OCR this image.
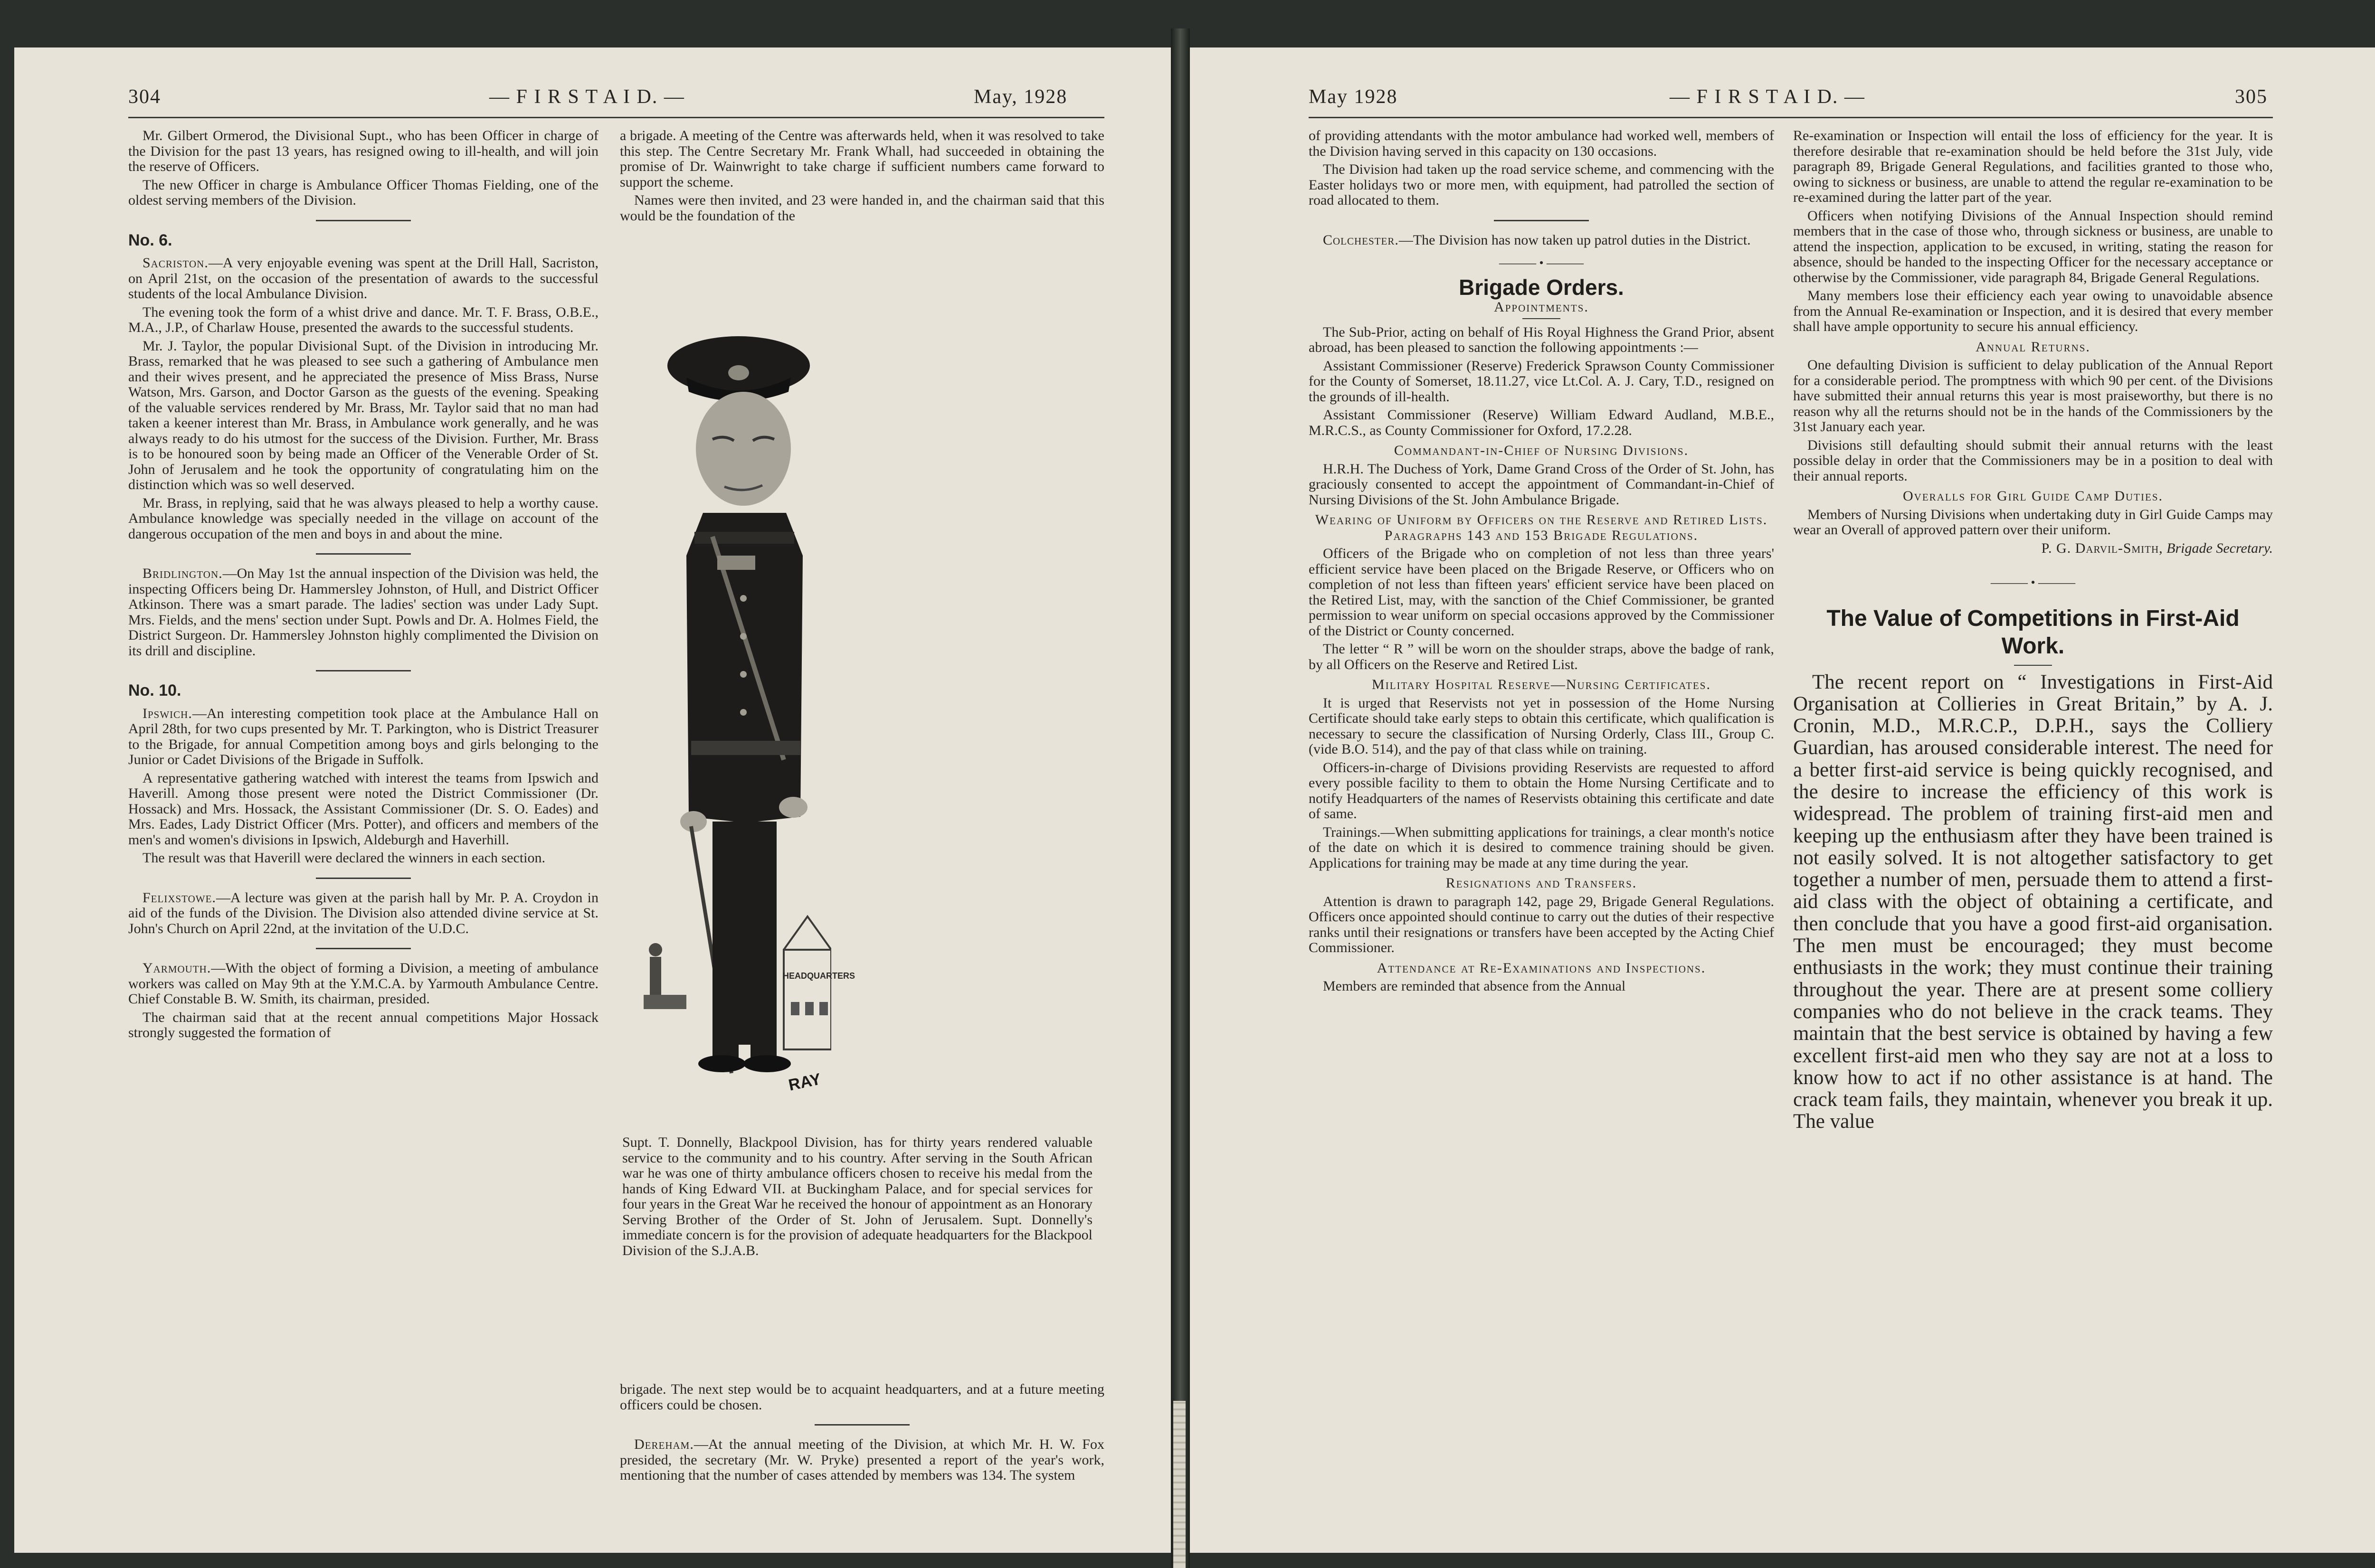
304	— F I R S T A I D. —	May, 1928

Mr. Gilbert Ormerod, the Divisional Supt., who has been Officer in charge of the Division for the past 13 years, has resigned owing to ill-health, and will join the reserve of Officers.

The new Officer in charge is Ambulance Officer Thomas Fielding, one of the oldest serving members of the Division.

No. 6.

Sacriston.—A very enjoyable evening was spent at the Drill Hall, Sacriston, on April 21st, on the occasion of the presentation of awards to the successful students of the local Ambulance Division.

The evening took the form of a whist drive and dance. Mr. T. F. Brass, O.B.E., M.A., J.P., of Charlaw House, presented the awards to the successful students.

Mr. J. Taylor, the popular Divisional Supt. of the Division in introducing Mr. Brass, remarked that he was pleased to see such a gathering of Ambulance men and their wives present, and he appreciated the presence of Miss Brass, Nurse Watson, Mrs. Garson, and Doctor Garson as the guests of the evening. Speaking of the valuable services rendered by Mr. Brass, Mr. Taylor said that no man had taken a keener interest than Mr. Brass, in Ambulance work generally, and he was always ready to do his utmost for the success of the Division. Further, Mr. Brass is to be honoured soon by being made an Officer of the Venerable Order of St. John of Jerusalem and he took the opportunity of congratulating him on the distinction which was so well deserved.

Mr. Brass, in replying, said that he was always pleased to help a worthy cause. Ambulance knowledge was specially needed in the village on account of the dangerous occupation of the men and boys in and about the mine.

Bridlington.—On May 1st the annual inspection of the Division was held, the inspecting Officers being Dr. Hammersley Johnston, of Hull, and District Officer Atkinson. There was a smart parade. The ladies' section was under Lady Supt. Mrs. Fields, and the mens' section under Supt. Powls and Dr. A. Holmes Field, the District Surgeon. Dr. Hammersley Johnston highly complimented the Division on its drill and discipline.

No. 10.

Ipswich.—An interesting competition took place at the Ambulance Hall on April 28th, for two cups presented by Mr. T. Parkington, who is District Treasurer to the Brigade, for annual Competition among boys and girls belonging to the Junior or Cadet Divisions of the Brigade in Suffolk.

A representative gathering watched with interest the teams from Ipswich and Haverill. Among those present were noted the District Commissioner (Dr. Hossack) and Mrs. Hossack, the Assistant Commissioner (Dr. S. O. Eades) and Mrs. Eades, Lady District Officer (Mrs. Potter), and officers and members of the men's and women's divisions in Ipswich, Aldeburgh and Haverhill.

The result was that Haverill were declared the winners in each section.

Felixstowe.—A lecture was given at the parish hall by Mr. P. A. Croydon in aid of the funds of the Division. The Division also attended divine service at St. John's Church on April 22nd, at the invitation of the U.D.C.

Yarmouth.—With the object of forming a Division, a meeting of ambulance workers was called on May 9th at the Y.M.C.A. by Yarmouth Ambulance Centre. Chief Constable B. W. Smith, its chairman, presided.

The chairman said that at the recent annual competitions Major Hossack strongly suggested the formation of

a brigade. A meeting of the Centre was afterwards held, when it was resolved to take this step. The Centre Secretary Mr. Frank Whall, had succeeded in obtaining the promise of Dr. Wainwright to take charge if sufficient numbers came forward to support the scheme.

Names were then invited, and 23 were handed in, and the chairman said that this would be the foundation of the

HEADQUARTERS
RAY
Supt. T. Donnelly, Blackpool Division, has for thirty years rendered valuable service to the community and to his country. After serving in the South African war he was one of thirty ambulance officers chosen to receive his medal from the hands of King Edward VII. at Buckingham Palace, and for special services for four years in the Great War he received the honour of appointment as an Honorary Serving Brother of the Order of St. John of Jerusalem. Supt. Donnelly's immediate concern is for the provision of adequate headquarters for the Blackpool Division of the S.J.A.B.

brigade. The next step would be to acquaint headquarters, and at a future meeting officers could be chosen.

Dereham.—At the annual meeting of the Division, at which Mr. H. W. Fox presided, the secretary (Mr. W. Pryke) presented a report of the year's work, mentioning that the number of cases attended by members was 134. The system

May 1928	— F I R S T A I D. —	305

of providing attendants with the motor ambulance had worked well, members of the Division having served in this capacity on 130 occasions.

The Division had taken up the road service scheme, and commencing with the Easter holidays two or more men, with equipment, had patrolled the section of road allocated to them.

Colchester.—The Division has now taken up patrol duties in the District.

——— • ———
Brigade Orders.
Appointments.

The Sub-Prior, acting on behalf of His Royal Highness the Grand Prior, absent abroad, has been pleased to sanction the following appointments :—

Assistant Commissioner (Reserve) Frederick Sprawson County Commissioner for the County of Somerset, 18.11.27, vice Lt.Col. A. J. Cary, T.D., resigned on the grounds of ill-health.

Assistant Commissioner (Reserve) William Edward Audland, M.B.E., M.R.C.S., as County Commissioner for Oxford, 17.2.28.

Commandant-in-Chief of Nursing Divisions.

H.R.H. The Duchess of York, Dame Grand Cross of the Order of St. John, has graciously consented to accept the appointment of Commandant-in-Chief of Nursing Divisions of the St. John Ambulance Brigade.

Wearing of Uniform by Officers on the Reserve and Retired Lists. Paragraphs 143 and 153 Brigade Regulations.

Officers of the Brigade who on completion of not less than three years' efficient service have been placed on the Brigade Reserve, or Officers who on completion of not less than fifteen years' efficient service have been placed on the Retired List, may, with the sanction of the Chief Commissioner, be granted permission to wear uniform on special occasions approved by the Commissioner of the District or County concerned.

The letter “ R ” will be worn on the shoulder straps, above the badge of rank, by all Officers on the Reserve and Retired List.

Military Hospital Reserve—Nursing Certificates.

It is urged that Reservists not yet in possession of the Home Nursing Certificate should take early steps to obtain this certificate, which qualification is necessary to secure the classification of Nursing Orderly, Class III., Group C. (vide B.O. 514), and the pay of that class while on training.

Officers-in-charge of Divisions providing Reservists are requested to afford every possible facility to them to obtain the Home Nursing Certificate and to notify Headquarters of the names of Reservists obtaining this certificate and date of same.

Trainings.—When submitting applications for trainings, a clear month's notice of the date on which it is desired to commence training should be given. Applications for training may be made at any time during the year.

Resignations and Transfers.

Attention is drawn to paragraph 142, page 29, Brigade General Regulations. Officers once appointed should continue to carry out the duties of their respective ranks until their resignations or transfers have been accepted by the Acting Chief Commissioner.

Attendance at Re-Examinations and Inspections.

Members are reminded that absence from the Annual

Re-examination or Inspection will entail the loss of efficiency for the year. It is therefore desirable that re-examination should be held before the 31st July, vide paragraph 89, Brigade General Regulations, and facilities granted to those who, owing to sickness or business, are unable to attend the regular re-examination to be re-examined during the latter part of the year.

Officers when notifying Divisions of the Annual Inspection should remind members that in the case of those who, through sickness or business, are unable to attend the inspection, application to be excused, in writing, stating the reason for absence, should be handed to the inspecting Officer for the necessary acceptance or otherwise by the Commissioner, vide paragraph 84, Brigade General Regulations.

Many members lose their efficiency each year owing to unavoidable absence from the Annual Re-examination or Inspection, and it is desired that every member shall have ample opportunity to secure his annual efficiency.

Annual Returns.

One defaulting Division is sufficient to delay publication of the Annual Report for a considerable period. The promptness with which 90 per cent. of the Divisions have submitted their annual returns this year is most praiseworthy, but there is no reason why all the returns should not be in the hands of the Commissioners by the 31st January each year.

Divisions still defaulting should submit their annual returns with the least possible delay in order that the Commissioners may be in a position to deal with their annual reports.

Overalls for Girl Guide Camp Duties.

Members of Nursing Divisions when undertaking duty in Girl Guide Camps may wear an Overall of approved pattern over their uniform.

P. G. Darvil-Smith, Brigade Secretary.

——— • ———
The Value of Competitions in First-Aid Work.

The recent report on “ Investigations in First-Aid Organisation at Collieries in Great Britain,” by A. J. Cronin, M.D., M.R.C.P., D.P.H., says the Colliery Guardian, has aroused considerable interest. The need for a better first-aid service is being quickly recognised, and the desire to increase the efficiency of this work is widespread. The problem of training first-aid men and keeping up the enthusiasm after they have been trained is not easily solved. It is not altogether satisfactory to get together a number of men, persuade them to attend a first-aid class with the object of obtaining a certificate, and then conclude that you have a good first-aid organisation. The men must be encouraged; they must become enthusiasts in the work; they must continue their training throughout the year. There are at present some colliery companies who do not believe in the crack teams. They maintain that the best service is obtained by having a few excellent first-aid men who they say are not at a loss to know how to act if no other assistance is at hand. The crack team fails, they maintain, whenever you break it up. The value
